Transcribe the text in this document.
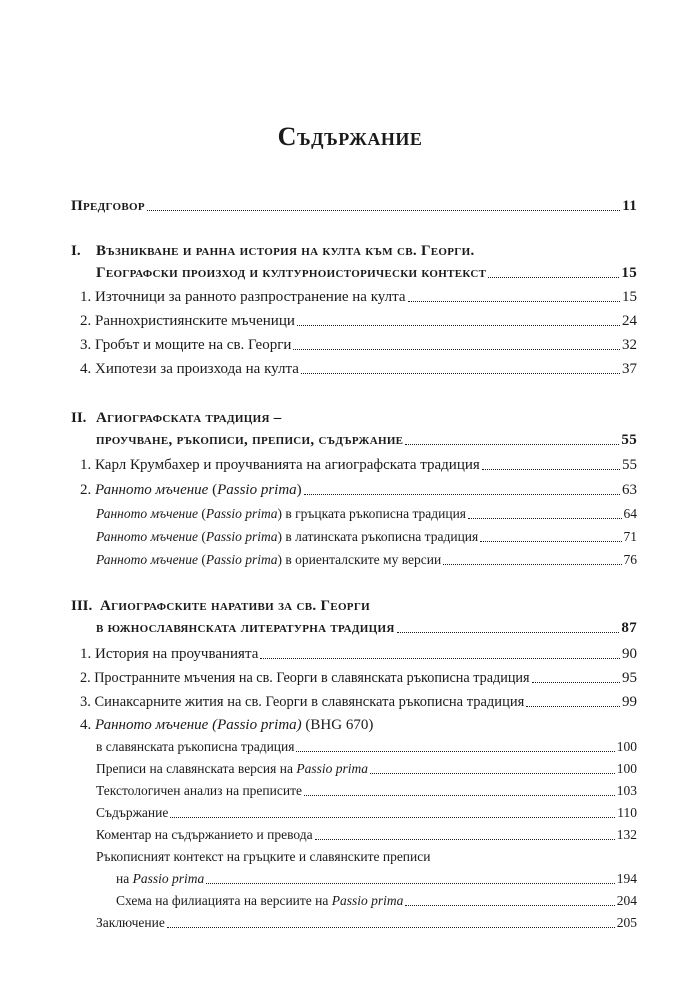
Съдържание
Предговор	11
I. Възникване и ранна история на култа към св. Георги.
Географски произход и културноисторически контекст	15
1. Източници за ранното разпространение на култа	15
2. Раннохристиянските мъченици	24
3. Гробът и мощите на св. Георги	32
4. Хипотези за произхода на култа	37
II. Агиографската традиция –
проучване, ръкописи, преписи, съдържание	55
1. Карл Крумбахер и проучванията на агиографската традиция	55
2. Ранното мъчение (Passio prima)	63
Ранното мъчение (Passio prima) в гръцката ръкописна традиция	64
Ранното мъчение (Passio prima) в латинската ръкописна традиция	71
Ранното мъчение (Passio prima) в ориенталските му версии	76
III. Агиографските наративи за св. Георги
в южнославянската литературна традиция	87
1. История на проучванията	90
2. Пространните мъчения на св. Георги в славянската ръкописна традиция	95
3. Синаксарните жития на св. Георги в славянската ръкописна традиция	99
4. Ранното мъчение (Passio prima) (BHG 670)
в славянската ръкописна традиция	100
Преписи на славянската версия на Passio prima	100
Текстологичен анализ на преписите	103
Съдържание	110
Коментар на съдържанието и превода	132
Ръкописният контекст на гръцките и славянските преписи
на Passio prima	194
Схема на филиацията на версиите на Passio prima	204
Заключение	205
